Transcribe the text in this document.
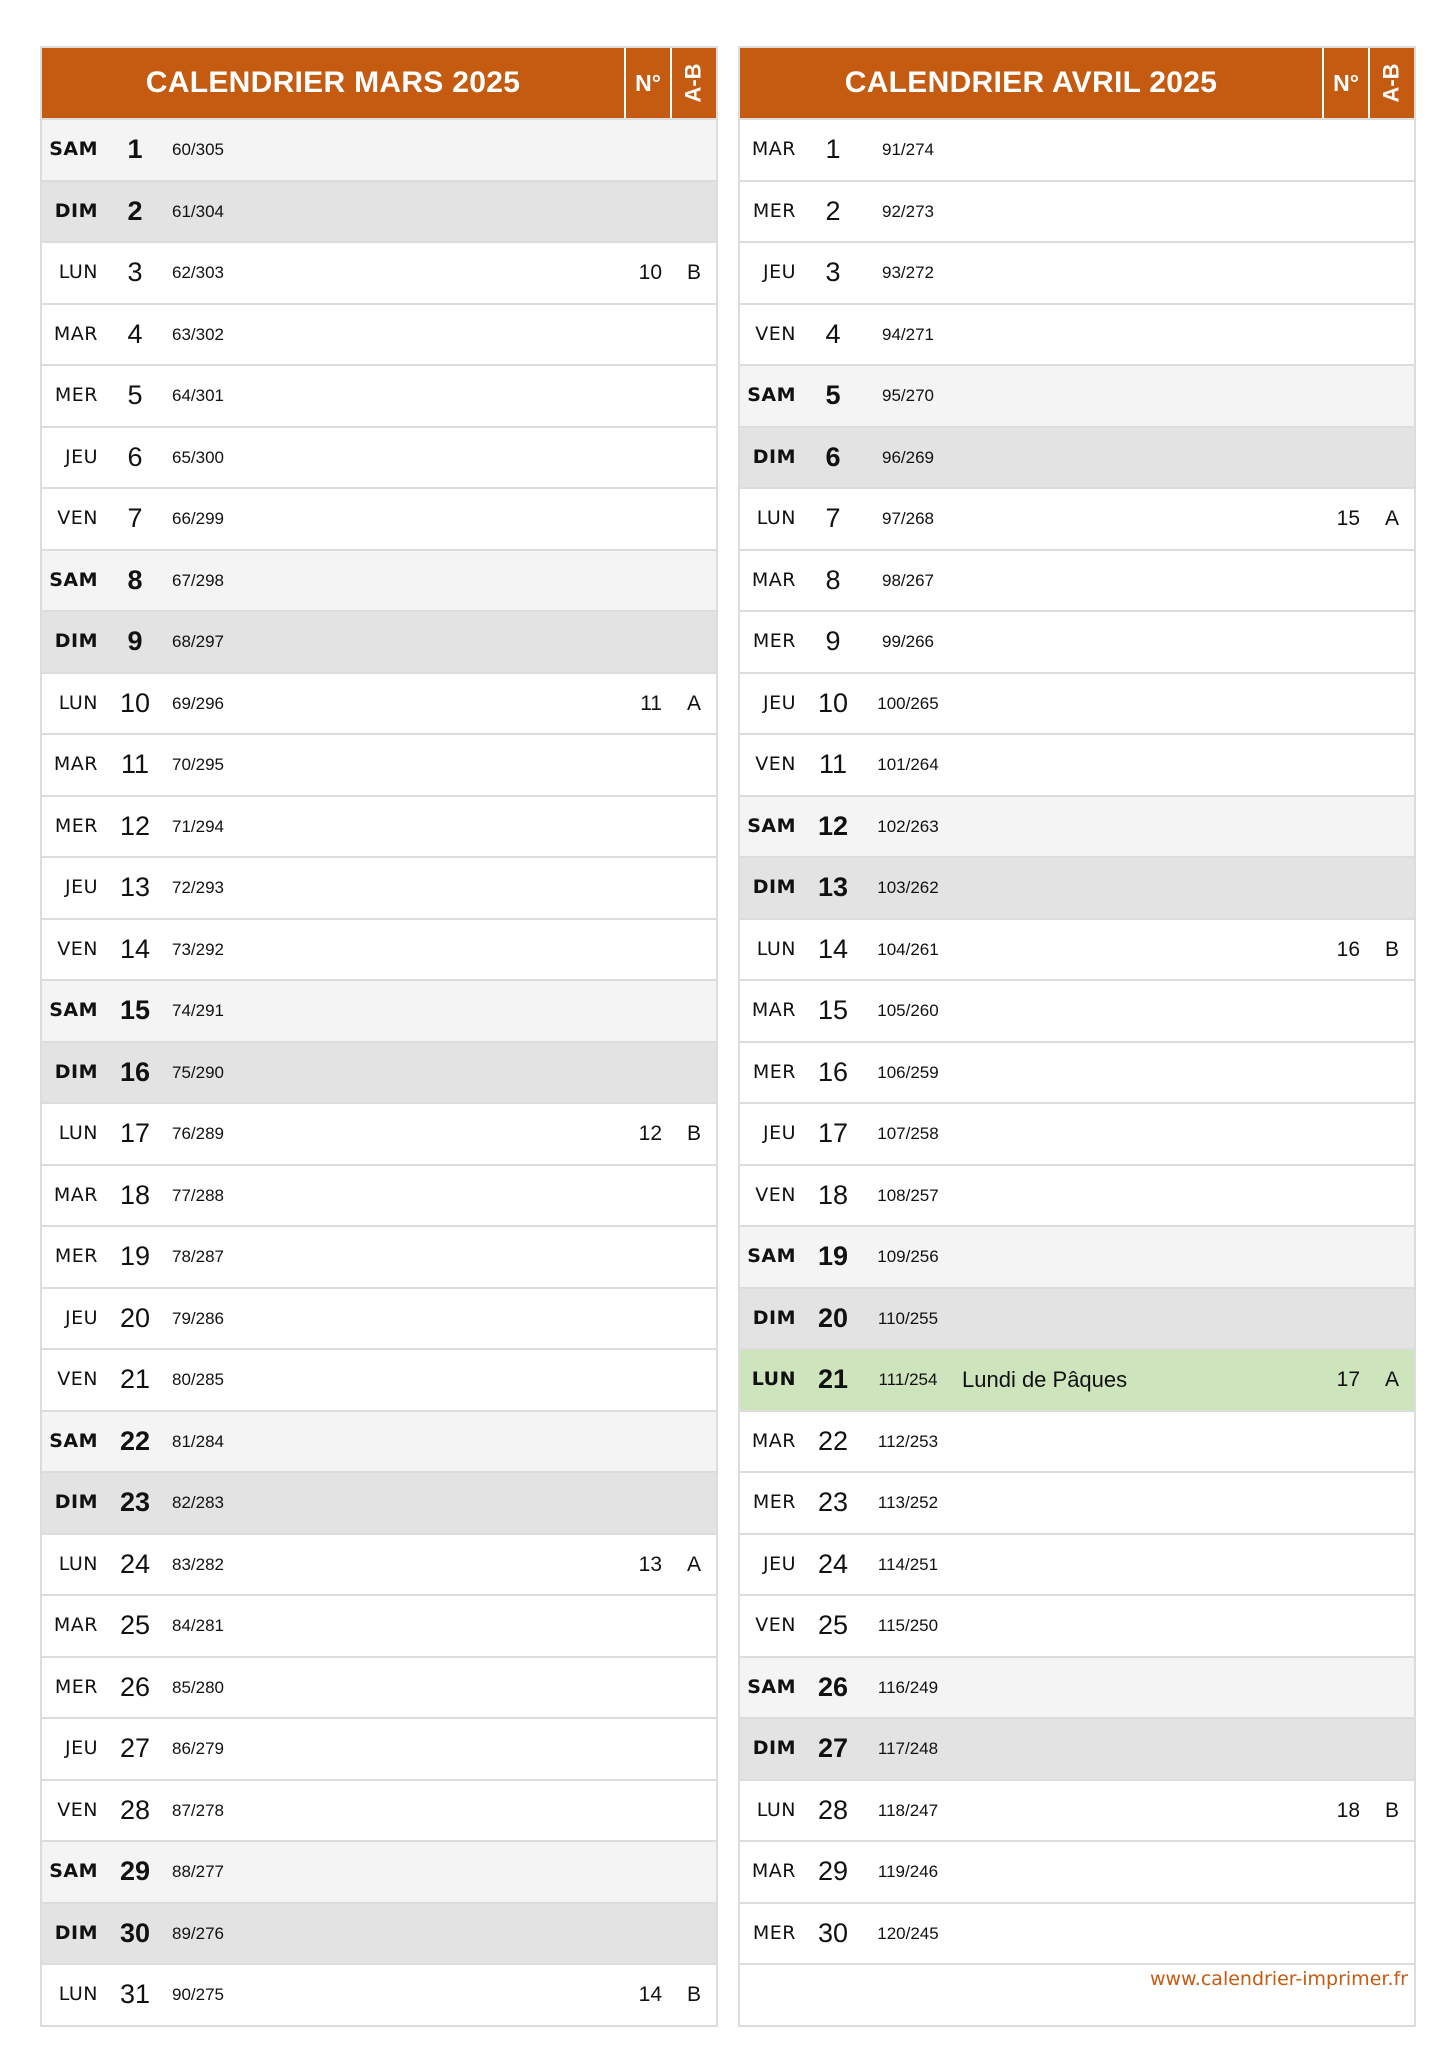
CALENDRIER MARS 2025	N° A-B
SAM	1	60/305
DIM	2	61/304
LUN	3	62/303	10	B
MAR	4	63/302
MER	5	64/301
JEU	6	65/300
VEN	7	66/299
SAM	8	67/298
DIM	9	68/297
LUN 10	69/296	11	A
MAR 11	70/295
MER 12	71/294
JEU 13	72/293
VEN 14	73/292
SAM 15	74/291
DIM 16	75/290
LUN 17	76/289	12	B
MAR 18	77/288
MER 19	78/287
JEU 20	79/286
VEN 21	80/285
SAM 22	81/284
DIM 23	82/283
LUN 24	83/282	13	A
MAR 25	84/281
MER 26	85/280
JEU 27	86/279
VEN 28	87/278
SAM 29	88/277
DIM 30	89/276
LUN 31	90/275	14	B
CALENDRIER AVRIL 2025	N° A-B
MAR	1	91/274
MER	2	92/273
JEU	3	93/272
VEN	4	94/271
SAM	5	95/270
DIM	6	96/269
LUN	7	97/268	15	A
MAR	8	98/267
MER	9	99/266
JEU 10	100/265
VEN 11	101/264
SAM 12	102/263
DIM 13	103/262
LUN 14	104/261	16	B
MAR 15	105/260
MER 16	106/259
JEU 17	107/258
VEN 18	108/257
SAM 19	109/256
DIM 20	110/255
LUN 21	111/254	Lundi de Pâques	17	A
MAR 22	112/253
MER 23	113/252
JEU 24	114/251
VEN 25	115/250
SAM 26	116/249
DIM 27	117/248
LUN 28	118/247	18	B
MAR 29	119/246
MER 30	120/245
www.calendrier-imprimer.fr
